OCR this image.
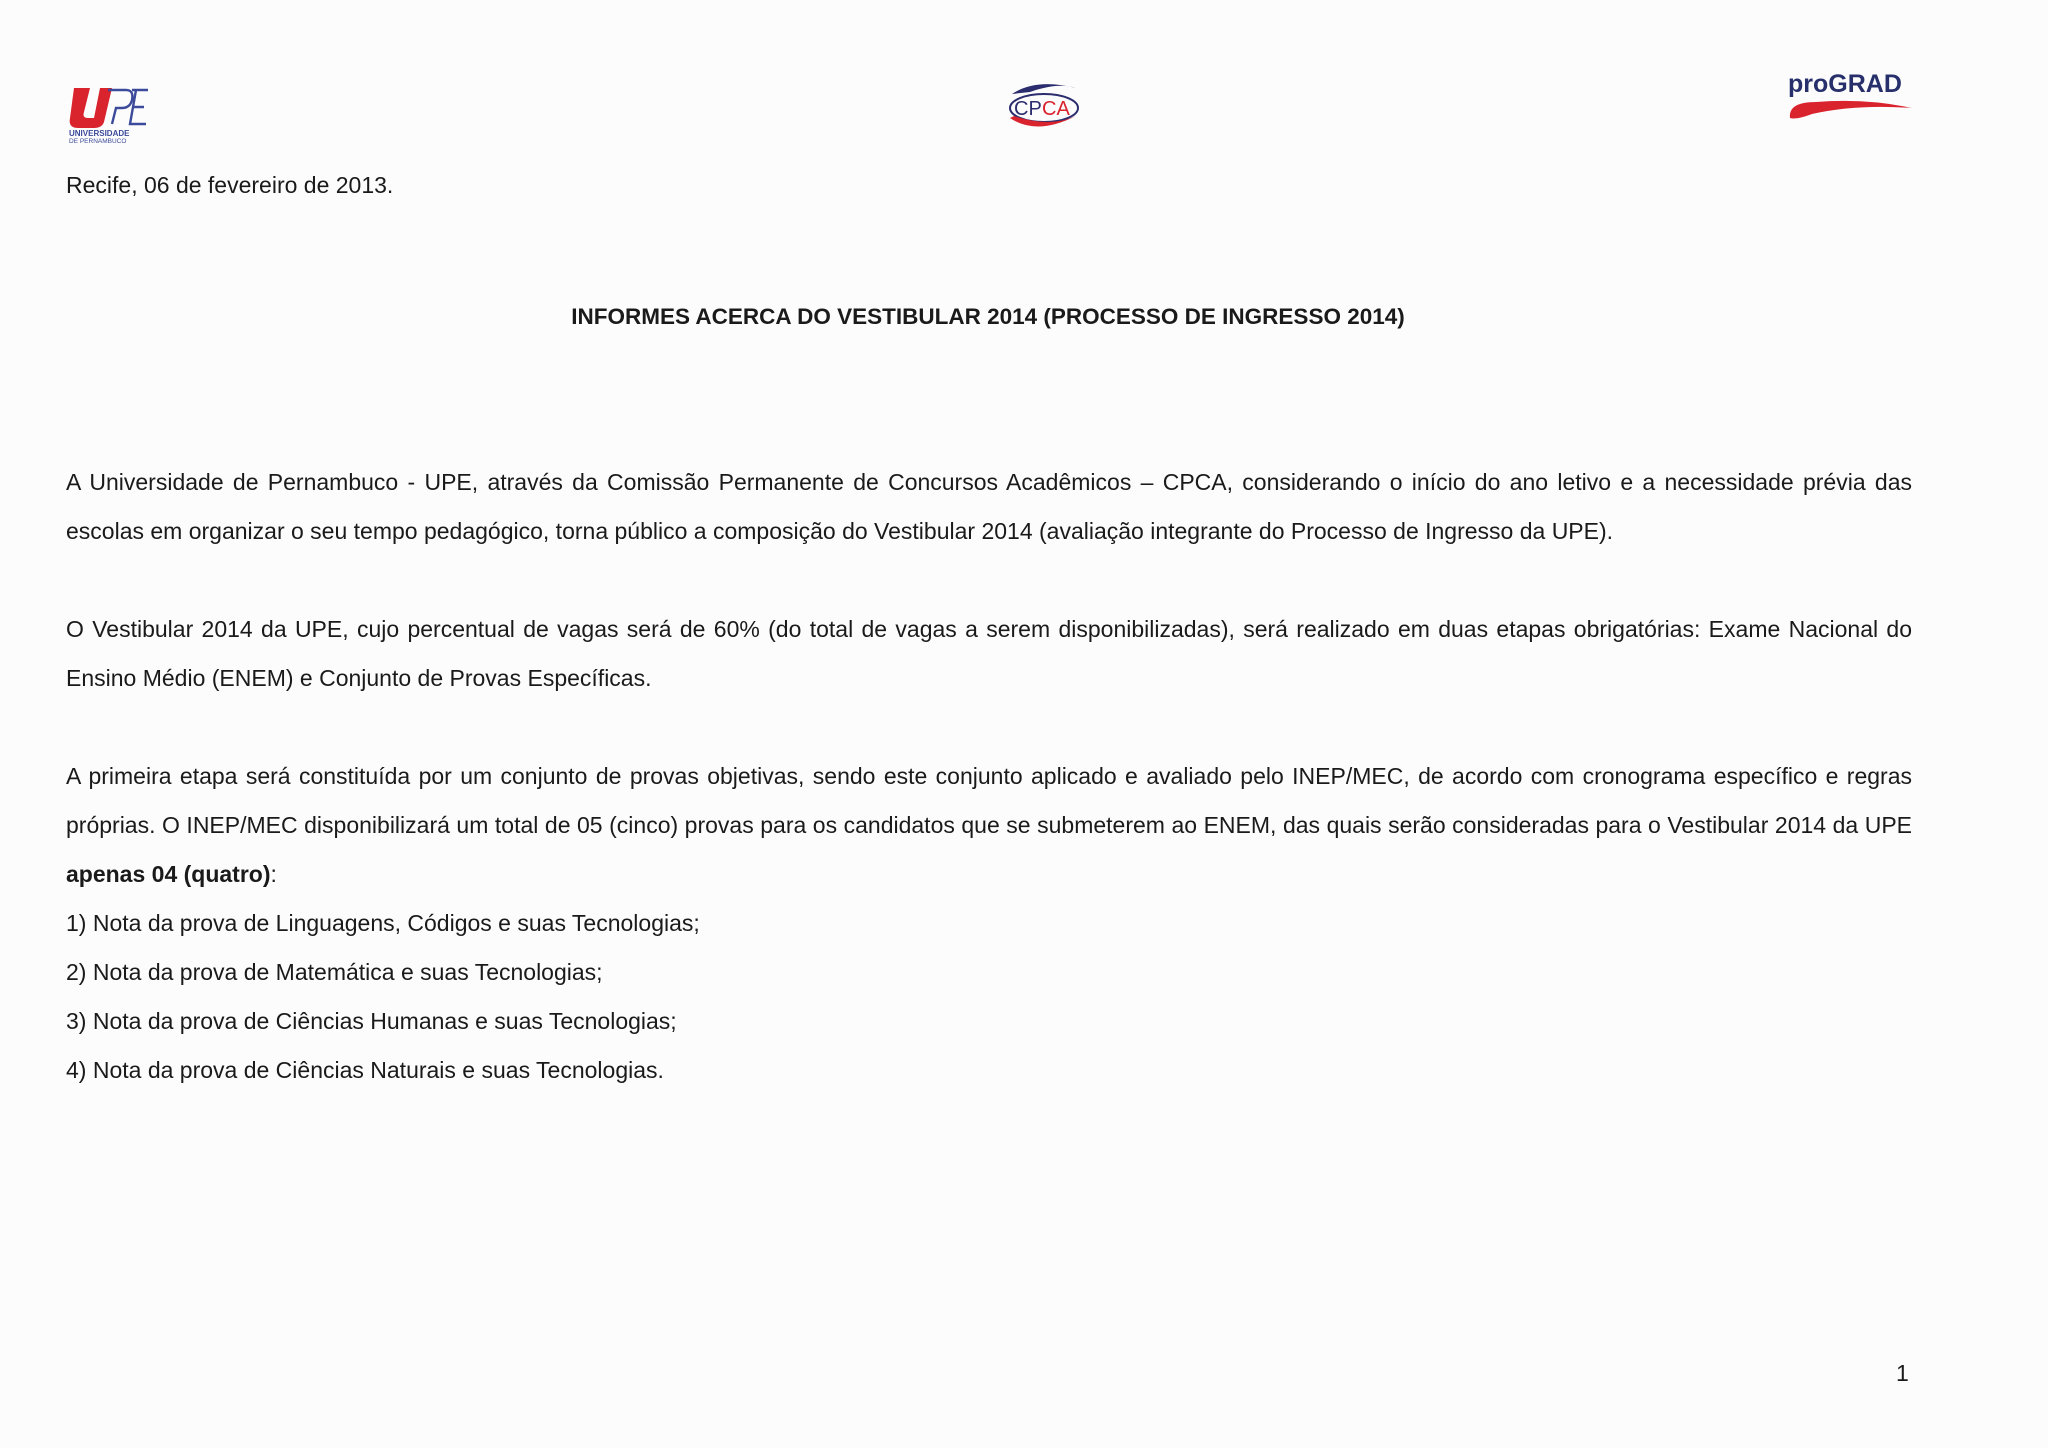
UNIVERSIDADE
DE PERNAMBUCO
CP CA
proGRAD
Recife, 06 de fevereiro de 2013.
INFORMES ACERCA DO VESTIBULAR 2014 (PROCESSO DE INGRESSO 2014)

A Universidade de Pernambuco - UPE, através da Comissão Permanente de Concursos Acadêmicos – CPCA, considerando o início do ano letivo e a necessidade prévia das escolas em organizar o seu tempo pedagógico, torna público a composição do Vestibular 2014 (avaliação integrante do Processo de Ingresso da UPE).

O Vestibular 2014 da UPE, cujo percentual de vagas será de 60% (do total de vagas a serem disponibilizadas), será realizado em duas etapas obrigatórias: Exame Nacional do Ensino Médio (ENEM) e Conjunto de Provas Específicas.

A primeira etapa será constituída por um conjunto de provas objetivas, sendo este conjunto aplicado e avaliado pelo INEP/MEC, de acordo com cronograma específico e regras próprias. O INEP/MEC disponibilizará um total de 05 (cinco) provas para os candidatos que se submeterem ao ENEM, das quais serão consideradas para o Vestibular 2014 da UPE apenas 04 (quatro):

1) Nota da prova de Linguagens, Códigos e suas Tecnologias;

2) Nota da prova de Matemática e suas Tecnologias;

3) Nota da prova de Ciências Humanas e suas Tecnologias;

4) Nota da prova de Ciências Naturais e suas Tecnologias.

1
